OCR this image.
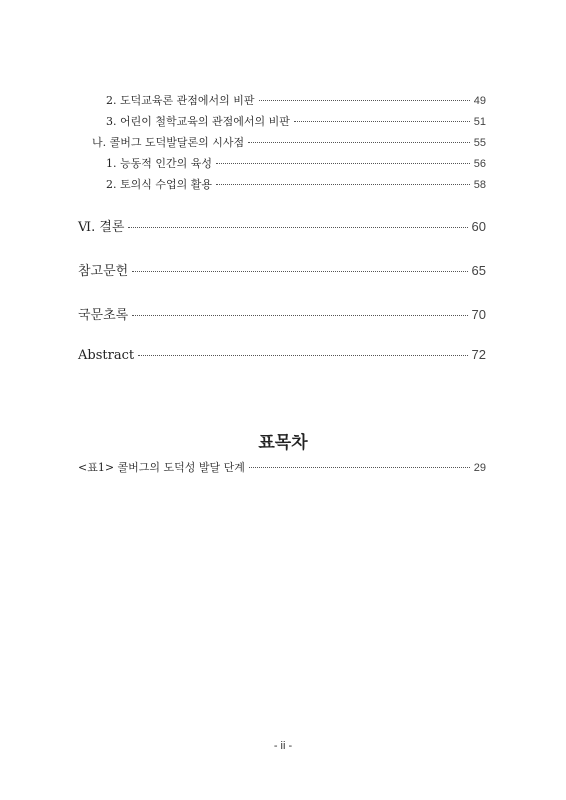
2. 도덕교육론 관점에서의 비판	49
3. 어린이 철학교육의 관점에서의 비판	51
나. 콜버그 도덕발달론의 시사점	55
1. 능동적 인간의 육성	56
2. 토의식 수업의 활용	58
Ⅵ. 결론	60
참고문헌	65
국문초록	70
Abstract	72
표목차
<표1> 콜버그의 도덕성 발달 단계	29
- ii -
